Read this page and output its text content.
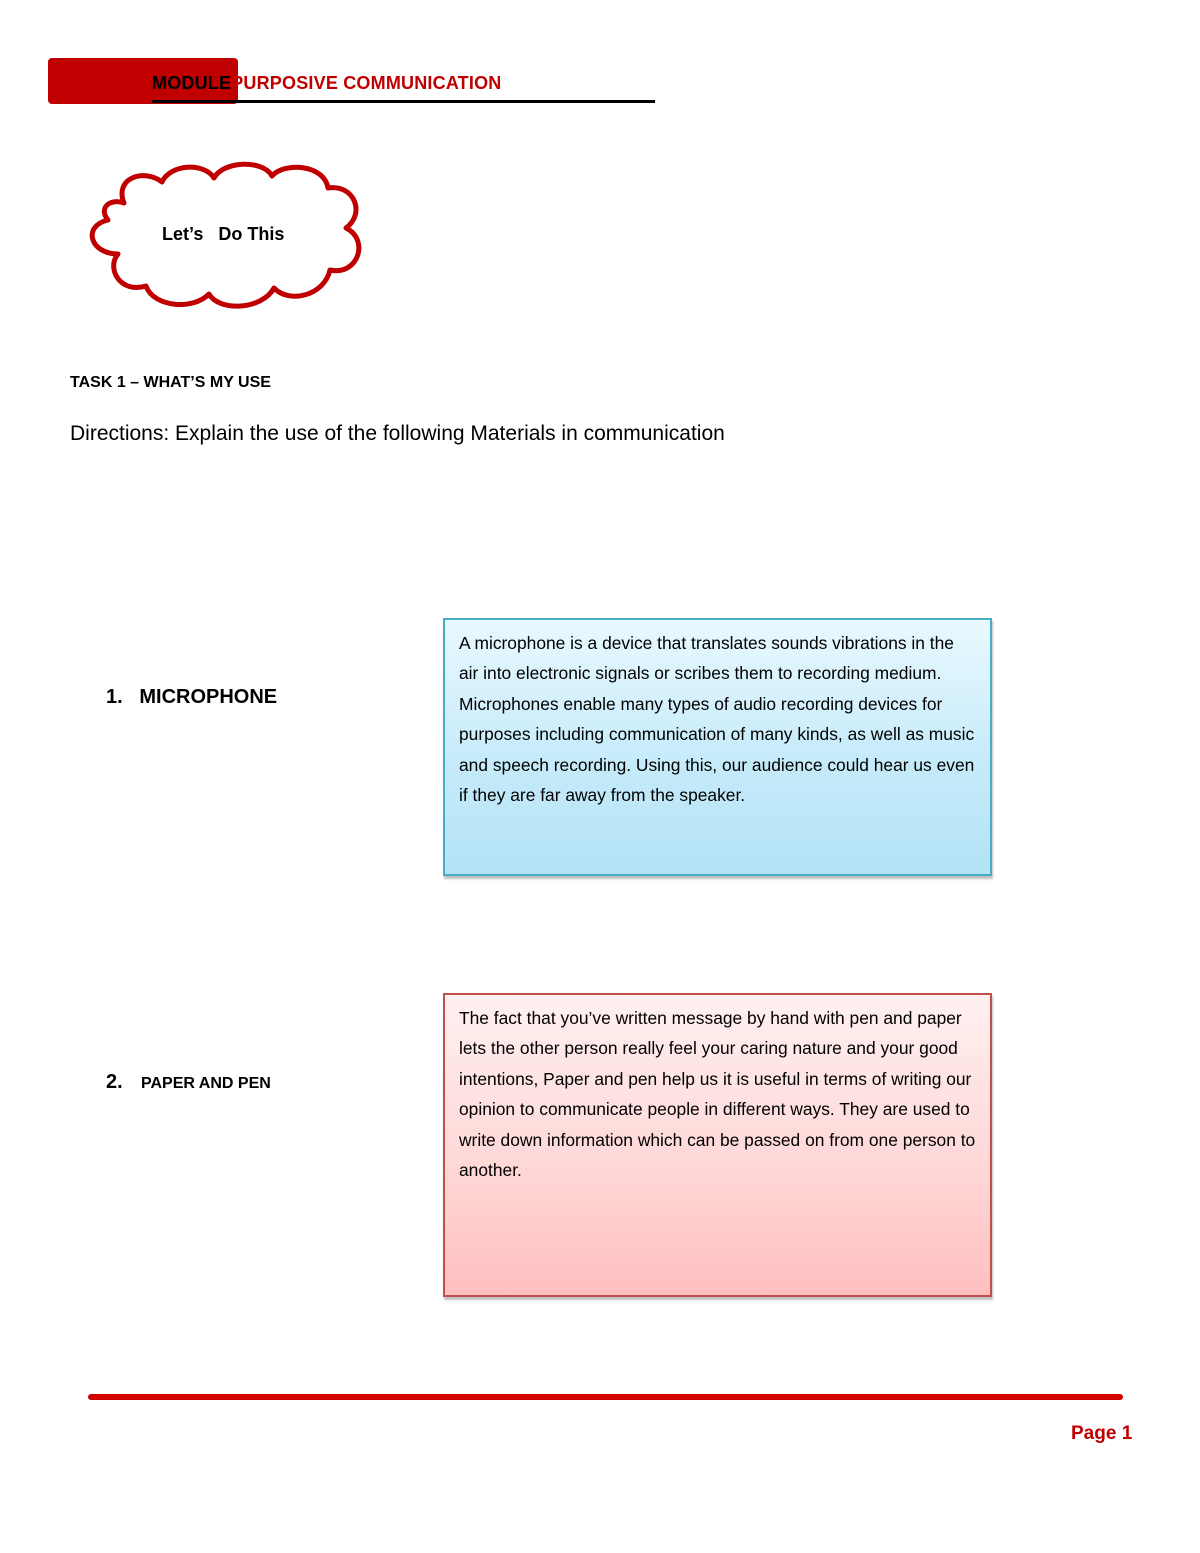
MODULEPURPOSIVE COMMUNICATION
Let’s   Do This
TASK 1 – WHAT’S MY USE
Directions: Explain the use of the following Materials in communication
1. MICROPHONE
A microphone is a device that translates sounds vibrations in the air into electronic signals or scribes them to recording medium. Microphones enable many types of audio recording devices for purposes including communication of many kinds, as well as music and speech recording. Using this, our audience could hear us even if they are far away from the speaker.
2. PAPER AND PEN
The fact that you’ve written message by hand with pen and paper lets the other person really feel your caring nature and your good intentions, Paper and pen help us it is useful in terms of writing our opinion to communicate people in different ways. They are used to write down information which can be passed on from one person to another.
Page 1
